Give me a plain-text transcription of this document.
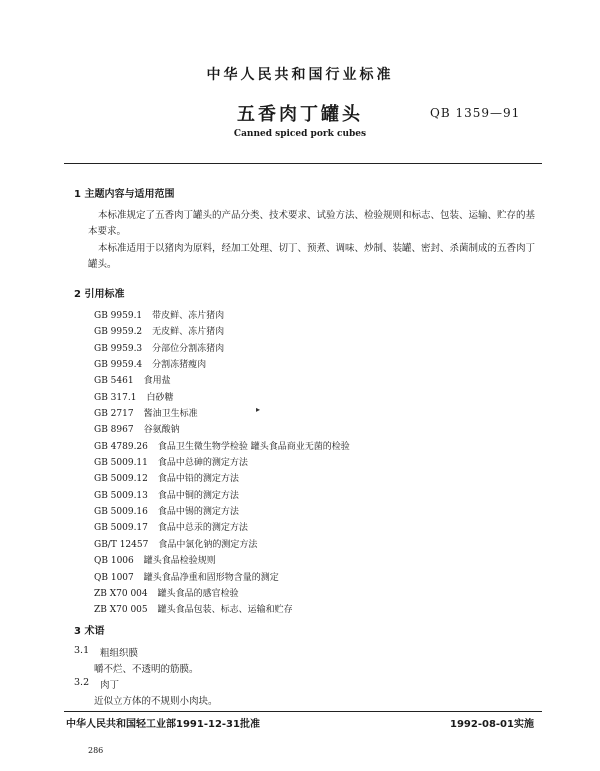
中华人民共和国行业标准
五香肉丁罐头	QB 1359—91
Canned spiced pork cubes
1 主题内容与适用范围
本标准规定了五香肉丁罐头的产品分类、技术要求、试验方法、检验规则和标志、包装、运输、贮存的基本要求。
本标准适用于以猪肉为原料，经加工处理、切丁、预煮、调味、炒制、装罐、密封、杀菌制成的五香肉丁罐头。
2 引用标准
GB 9959.1 带皮鲜、冻片猪肉
GB 9959.2 无皮鲜、冻片猪肉
GB 9959.3 分部位分割冻猪肉
GB 9959.4 分割冻猪瘦肉
GB 5461 食用盐
GB 317.1 白砂糖
GB 2717 酱油卫生标准
GB 8967 谷氨酸钠
GB 4789.26 食品卫生微生物学检验 罐头食品商业无菌的检验
GB 5009.11 食品中总砷的测定方法
GB 5009.12 食品中铅的测定方法
GB 5009.13 食品中铜的测定方法
GB 5009.16 食品中锡的测定方法
GB 5009.17 食品中总汞的测定方法
GB/T 12457 食品中氯化钠的测定方法
QB 1006 罐头食品检验规则
QB 1007 罐头食品净重和固形物含量的测定
ZB X70 004 罐头食品的感官检验
ZB X70 005 罐头食品包装、标志、运输和贮存
▸
3 术语
3.1 粗组织膜
嚼不烂、不透明的筋膜。
3.2 肉丁
近似立方体的不规则小肉块。
中华人民共和国轻工业部1991-12-31批准	1992-08-01实施
286
